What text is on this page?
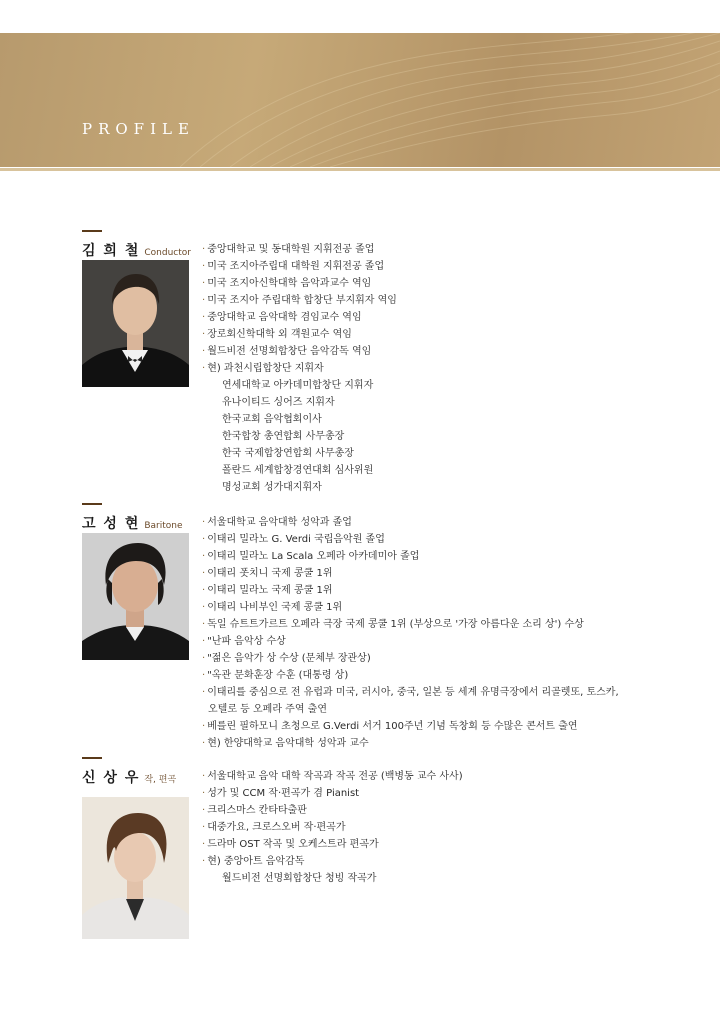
PROFILE
김 희 철 Conductor · 중앙대학교 및 동대학원 지휘전공 졸업
· 미국 조지아주립대 대학원 지휘전공 졸업
· 미국 조지아신학대학 음악과교수 역임
· 미국 조지아 주립대학 합창단 부지휘자 역임
· 중앙대학교 음악대학 겸임교수 역임
· 장로회신학대학 외 객원교수 역임
· 월드비전 선명회합창단 음악감독 역임
· 현) 과천시립합창단 지휘자
연세대학교 아카데미합창단 지휘자
유나이티드 싱어즈 지휘자
한국교회 음악협회이사
한국합창 총연합회 사무총장
한국 국제합창연합회 사무총장
폴란드 세계합창경연대회 심사위원
명성교회 성가대지휘자
고 성 현 Baritone · 서울대학교 음악대학 성악과 졸업
· 이태리 밀라노 G. Verdi 국립음악원 졸업
· 이태리 밀라노 La Scala 오페라 아카데미아 졸업
· 이태리 폿치니 국제 콩쿨 1위
· 이태리 밀라노 국제 콩쿨 1위
· 이태리 나비부인 국제 콩쿨 1위
· 독일 슈트트가르트 오페라 극장 국제 콩쿨 1위 (부상으로 '가장 아름다운 소리 상') 수상
· "난파 음악상 수상
· "젊은 음악가 상 수상 (문체부 장관상)
· "옥관 문화훈장 수훈 (대통령 상)
· 이태리를 중심으로 전 유럽과 미국, 러시아, 중국, 일본 등 세계 유명극장에서 리골렛또, 토스카,
오텔로 등 오페라 주역 출연
· 베를린 필하모니 초청으로 G.Verdi 서거 100주년 기념 독창회 등 수많은 콘서트 출연
· 현) 한양대학교 음악대학 성악과 교수
신 상 우 작, 편곡	· 서울대학교 음악 대학 작곡과 작곡 전공 (백병동 교수 사사)
· 성가 및 CCM 작·편곡가 겸 Pianist
· 크리스마스 칸타타출판
· 대중가요, 크로스오버 작·편곡가
· 드라마 OST 작곡 및 오케스트라 편곡가
· 현) 중앙아트 음악감독
월드비전 선명회합창단 청빙 작곡가
